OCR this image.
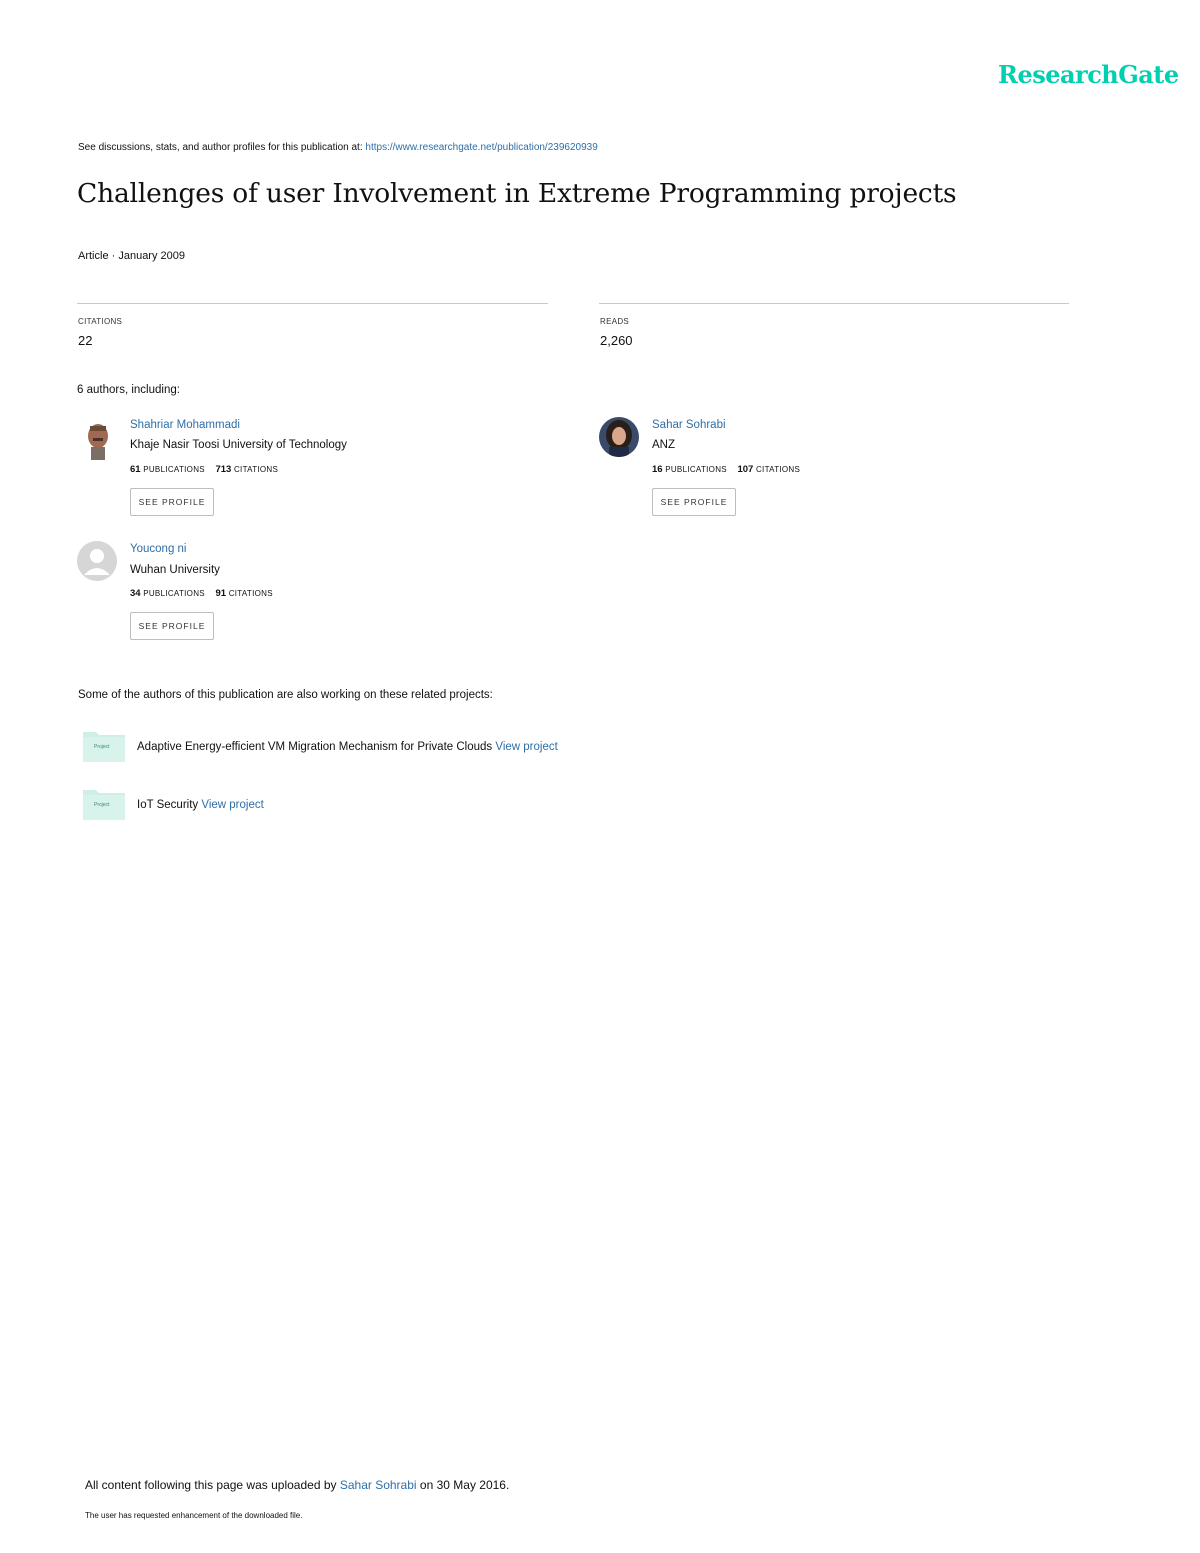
ResearchGate
See discussions, stats, and author profiles for this publication at: https://www.researchgate.net/publication/239620939
Challenges of user Involvement in Extreme Programming projects
Article · January 2009
CITATIONS
22
READS
2,260
6 authors, including:
Shahriar Mohammadi
Khaje Nasir Toosi University of Technology
61 PUBLICATIONS 713 CITATIONS
SEE PROFILE
Sahar Sohrabi
ANZ
16 PUBLICATIONS 107 CITATIONS
SEE PROFILE
Youcong ni
Wuhan University
34 PUBLICATIONS 91 CITATIONS
SEE PROFILE
Some of the authors of this publication are also working on these related projects:
Project Adaptive Energy-efficient VM Migration Mechanism for Private Clouds View project
Project IoT Security View project
All content following this page was uploaded by Sahar Sohrabi on 30 May 2016.
The user has requested enhancement of the downloaded file.
